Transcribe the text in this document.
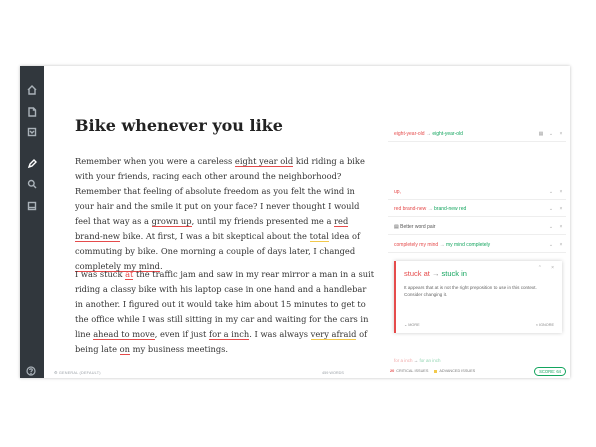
Bike whenever you like
Remember when you were a careless eight year old kid riding a bike with your friends, racing each other around the neighborhood? Remember that feeling of absolute freedom as you felt the wind in your hair and the smile it put on your face? I never thought I would feel that way as a grown up, until my friends presented me a red brand-new bike. At first, I was a bit skeptical about the total idea of commuting by bike. One morning a couple of days later, I changed completely my mind.
I was stuck at the traffic jam and saw in my rear mirror a man in a suit riding a classy bike with his laptop case in one hand and a handlebar in another. I figured out it would take him about 15 minutes to get to the office while I was still sitting in my car and waiting for the cars in line ahead to move, even if just for a inch. I was always very afraid of being late on my business meetings.
⚙ GENERAL (DEFAULT)	459 WORDS
eight-year-old → eight-year-old	▦	⌄	×
up,	⌄	×
red brand-new → brand-new red	⌄	×
▤ Better word pair	⌄	×
completely my mind → my mind completely	⌄	×
stuck at → stuck in
⌃ ×
It appears that at is not the right preposition to use in this context. Consider changing it.
⌄ MORE	× IGNORE
for a inch → for an inch
20 CRITICAL ISSUES	ADVANCED ISSUES	SCORE: 64
